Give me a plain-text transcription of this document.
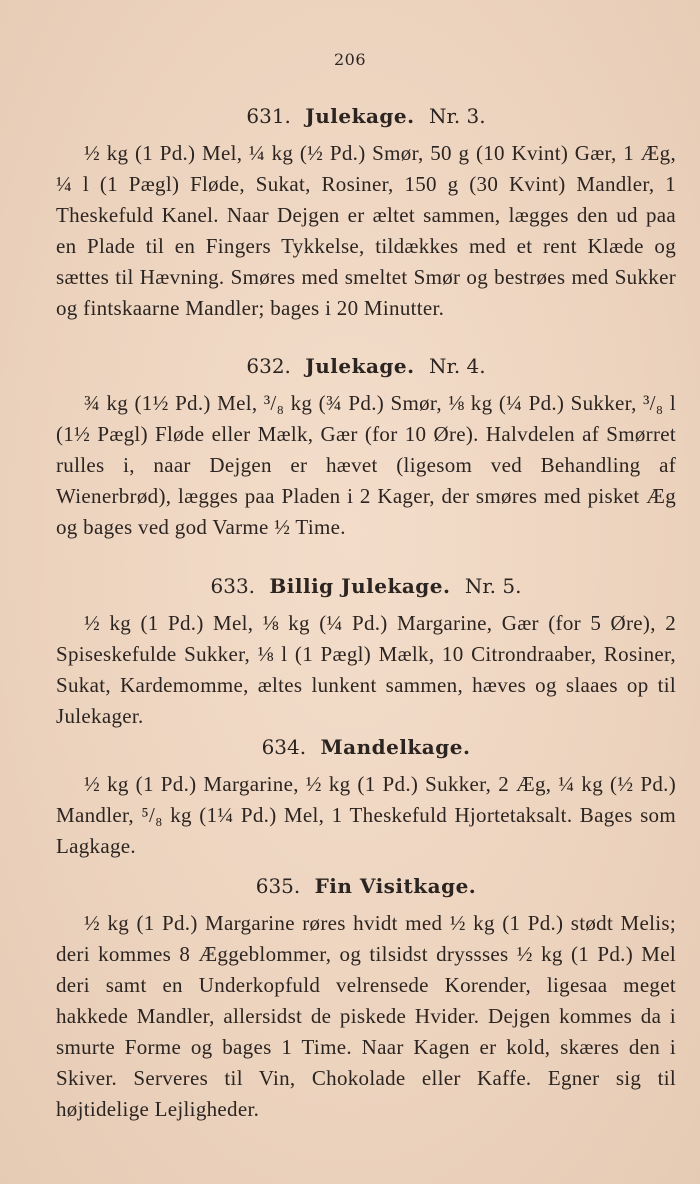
206
631. Julekage. Nr. 3.

½ kg (1 Pd.) Mel, ¼ kg (½ Pd.) Smør, 50 g (10 Kvint) Gær, 1 Æg, ¼ l (1 Pægl) Fløde, Sukat, Rosiner, 150 g (30 Kvint) Mandler, 1 Theskefuld Kanel. Naar Dejgen er æltet sammen, lægges den ud paa en Plade til en Fingers Tykkelse, tildækkes med et rent Klæde og sættes til Hævning. Smøres med smeltet Smør og bestrøes med Sukker og fintskaarne Mandler; bages i 20 Minutter.

632. Julekage. Nr. 4.

¾ kg (1½ Pd.) Mel, ³/₈ kg (¾ Pd.) Smør, ⅛ kg (¼ Pd.) Sukker, ³/₈ l (1½ Pægl) Fløde eller Mælk, Gær (for 10 Øre). Halvdelen af Smørret rulles i, naar Dejgen er hævet (ligesom ved Behandling af Wienerbrød), lægges paa Pladen i 2 Kager, der smøres med pisket Æg og bages ved god Varme ½ Time.

633. Billig Julekage. Nr. 5.

½ kg (1 Pd.) Mel, ⅛ kg (¼ Pd.) Margarine, Gær (for 5 Øre), 2 Spiseskefulde Sukker, ⅛ l (1 Pægl) Mælk, 10 Citrondraaber, Rosiner, Sukat, Kardemomme, æltes lunkent sammen, hæves og slaaes op til Julekager.

634. Mandelkage.

½ kg (1 Pd.) Margarine, ½ kg (1 Pd.) Sukker, 2 Æg, ¼ kg (½ Pd.) Mandler, ⁵/₈ kg (1¼ Pd.) Mel, 1 Theskefuld Hjortetaksalt. Bages som Lagkage.

635. Fin Visitkage.

½ kg (1 Pd.) Margarine røres hvidt med ½ kg (1 Pd.) stødt Melis; deri kommes 8 Æggeblommer, og tilsidst dryssses ½ kg (1 Pd.) Mel deri samt en Underkopfuld velrensede Korender, ligesaa meget hakkede Mandler, allersidst de piskede Hvider. Dejgen kommes da i smurte Forme og bages 1 Time. Naar Kagen er kold, skæres den i Skiver. Serveres til Vin, Chokolade eller Kaffe. Egner sig til højtidelige Lejligheder.
